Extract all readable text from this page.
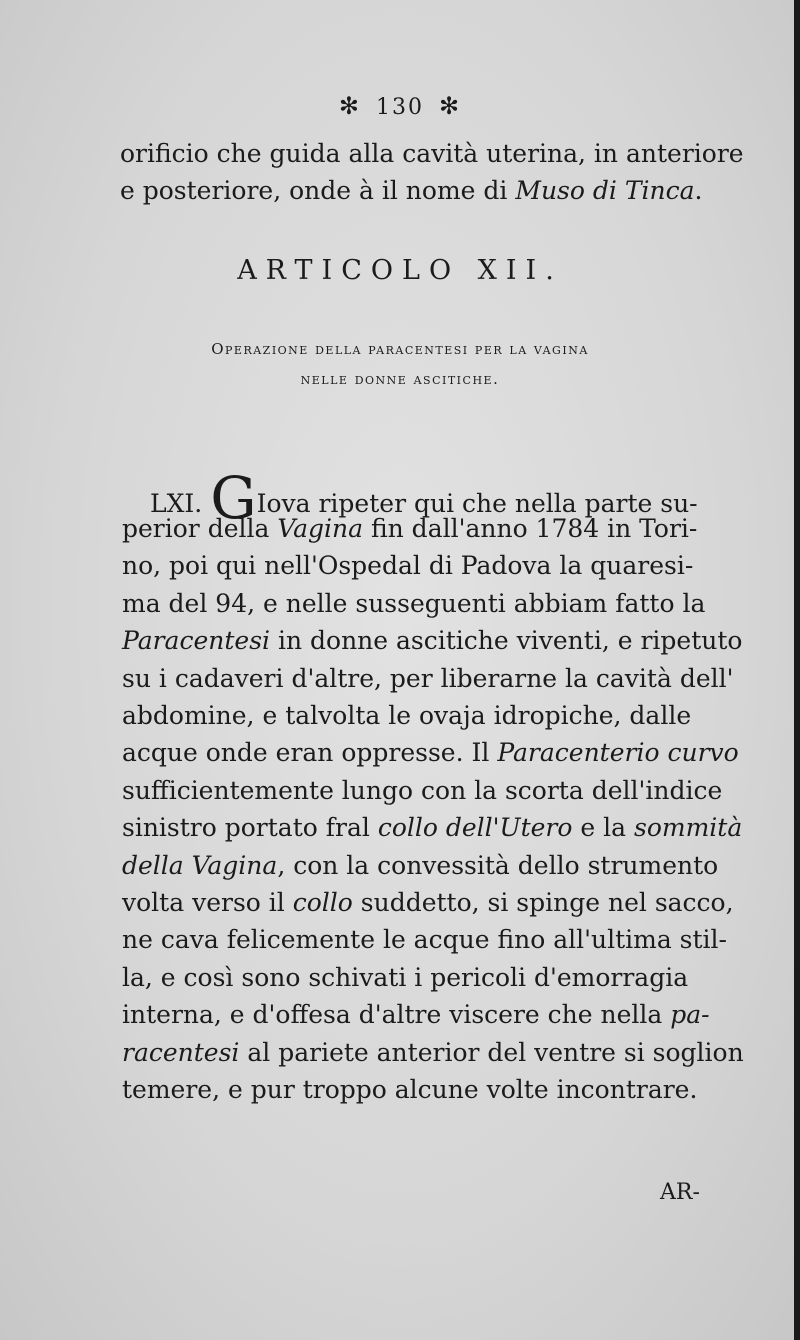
✻ 130 ✻
orificio che guida alla cavità uterina, in anteriore
e posteriore, onde à il nome di Muso di Tinca.
ARTICOLO XII.
Operazione della paracentesi per la vagina
nelle donne ascitiche.
LXI. GIova ripeter qui che nella parte su-
perior della Vagina fin dall'anno 1784 in Tori-
no, poi qui nell'Ospedal di Padova la quaresi-
ma del 94, e nelle susseguenti abbiam fatto la
Paracentesi in donne ascitiche viventi, e ripetuto
su i cadaveri d'altre, per liberarne la cavità dell'
abdomine, e talvolta le ovaja idropiche, dalle
acque onde eran oppresse. Il Paracenterio curvo
sufficientemente lungo con la scorta dell'indice
sinistro portato fral collo dell'Utero e la sommità
della Vagina, con la convessità dello strumento
volta verso il collo suddetto, si spinge nel sacco,
ne cava felicemente le acque fino all'ultima stil-
la, e così sono schivati i pericoli d'emorragia
interna, e d'offesa d'altre viscere che nella pa-
racentesi al pariete anterior del ventre si soglion
temere, e pur troppo alcune volte incontrare.
AR-
